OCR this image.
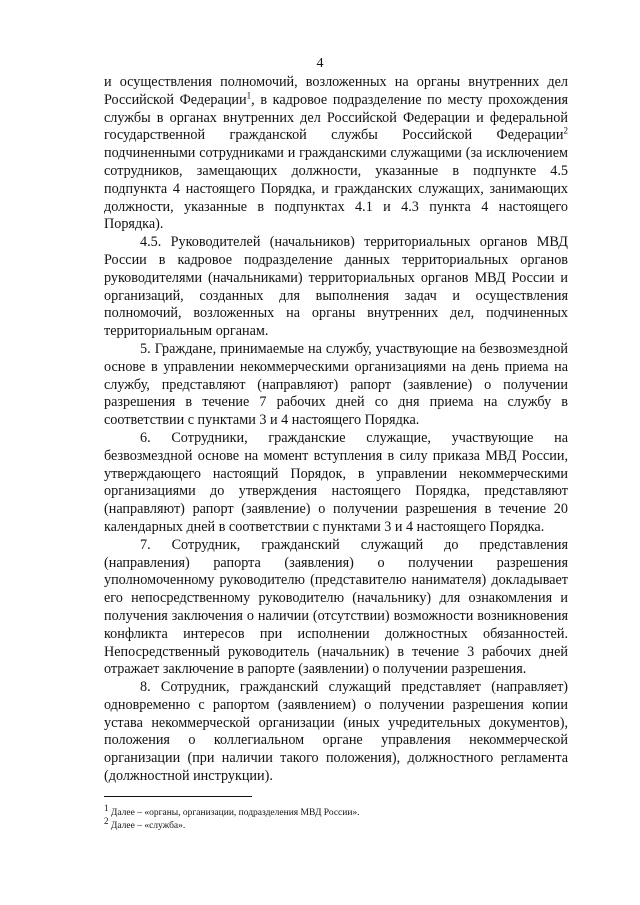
4

и осуществления полномочий, возложенных на органы внутренних дел Российской Федерации$^1$, в кадровое подразделение по месту прохождения службы в органах внутренних дел Российской Федерации и федеральной государственной гражданской службы Российской Федерации$^2$ подчиненными сотрудниками и гражданскими служащими (за исключением сотрудников, замещающих должности, указанные в подпункте 4.5 подпункта 4 настоящего Порядка, и гражданских служащих, занимающих должности, указанные в подпунктах 4.1 и 4.3 пункта 4 настоящего Порядка).

4.5. Руководителей (начальников) территориальных органов МВД России в кадровое подразделение данных территориальных органов руководителями (начальниками) территориальных органов МВД России и организаций, созданных для выполнения задач и осуществления полномочий, возложенных на органы внутренних дел, подчиненных территориальным органам.

5. Граждане, принимаемые на службу, участвующие на безвозмездной основе в управлении некоммерческими организациями на день приема на службу, представляют (направляют) рапорт (заявление) о получении разрешения в течение 7 рабочих дней со дня приема на службу в соответствии с пунктами 3 и 4 настоящего Порядка.

6. Сотрудники, гражданские служащие, участвующие на безвозмездной основе на момент вступления в силу приказа МВД России, утверждающего настоящий Порядок, в управлении некоммерческими организациями до утверждения настоящего Порядка, представляют (направляют) рапорт (заявление) о получении разрешения в течение 20 календарных дней в соответствии с пунктами 3 и 4 настоящего Порядка.

7. Сотрудник, гражданский служащий до представления (направления) рапорта (заявления) о получении разрешения уполномоченному руководителю (представителю нанимателя) докладывает его непосредственному руководителю (начальнику) для ознакомления и получения заключения о наличии (отсутствии) возможности возникновения конфликта интересов при исполнении должностных обязанностей. Непосредственный руководитель (начальник) в течение 3 рабочих дней отражает заключение в рапорте (заявлении) о получении разрешения.

8. Сотрудник, гражданский служащий представляет (направляет) одновременно с рапортом (заявлением) о получении разрешения копии устава некоммерческой организации (иных учредительных документов), положения о коллегиальном органе управления некоммерческой организации (при наличии такого положения), должностного регламента (должностной инструкции).

$^1$ Далее – «органы, организации, подразделения МВД России».

$^2$ Далее – «служба».
